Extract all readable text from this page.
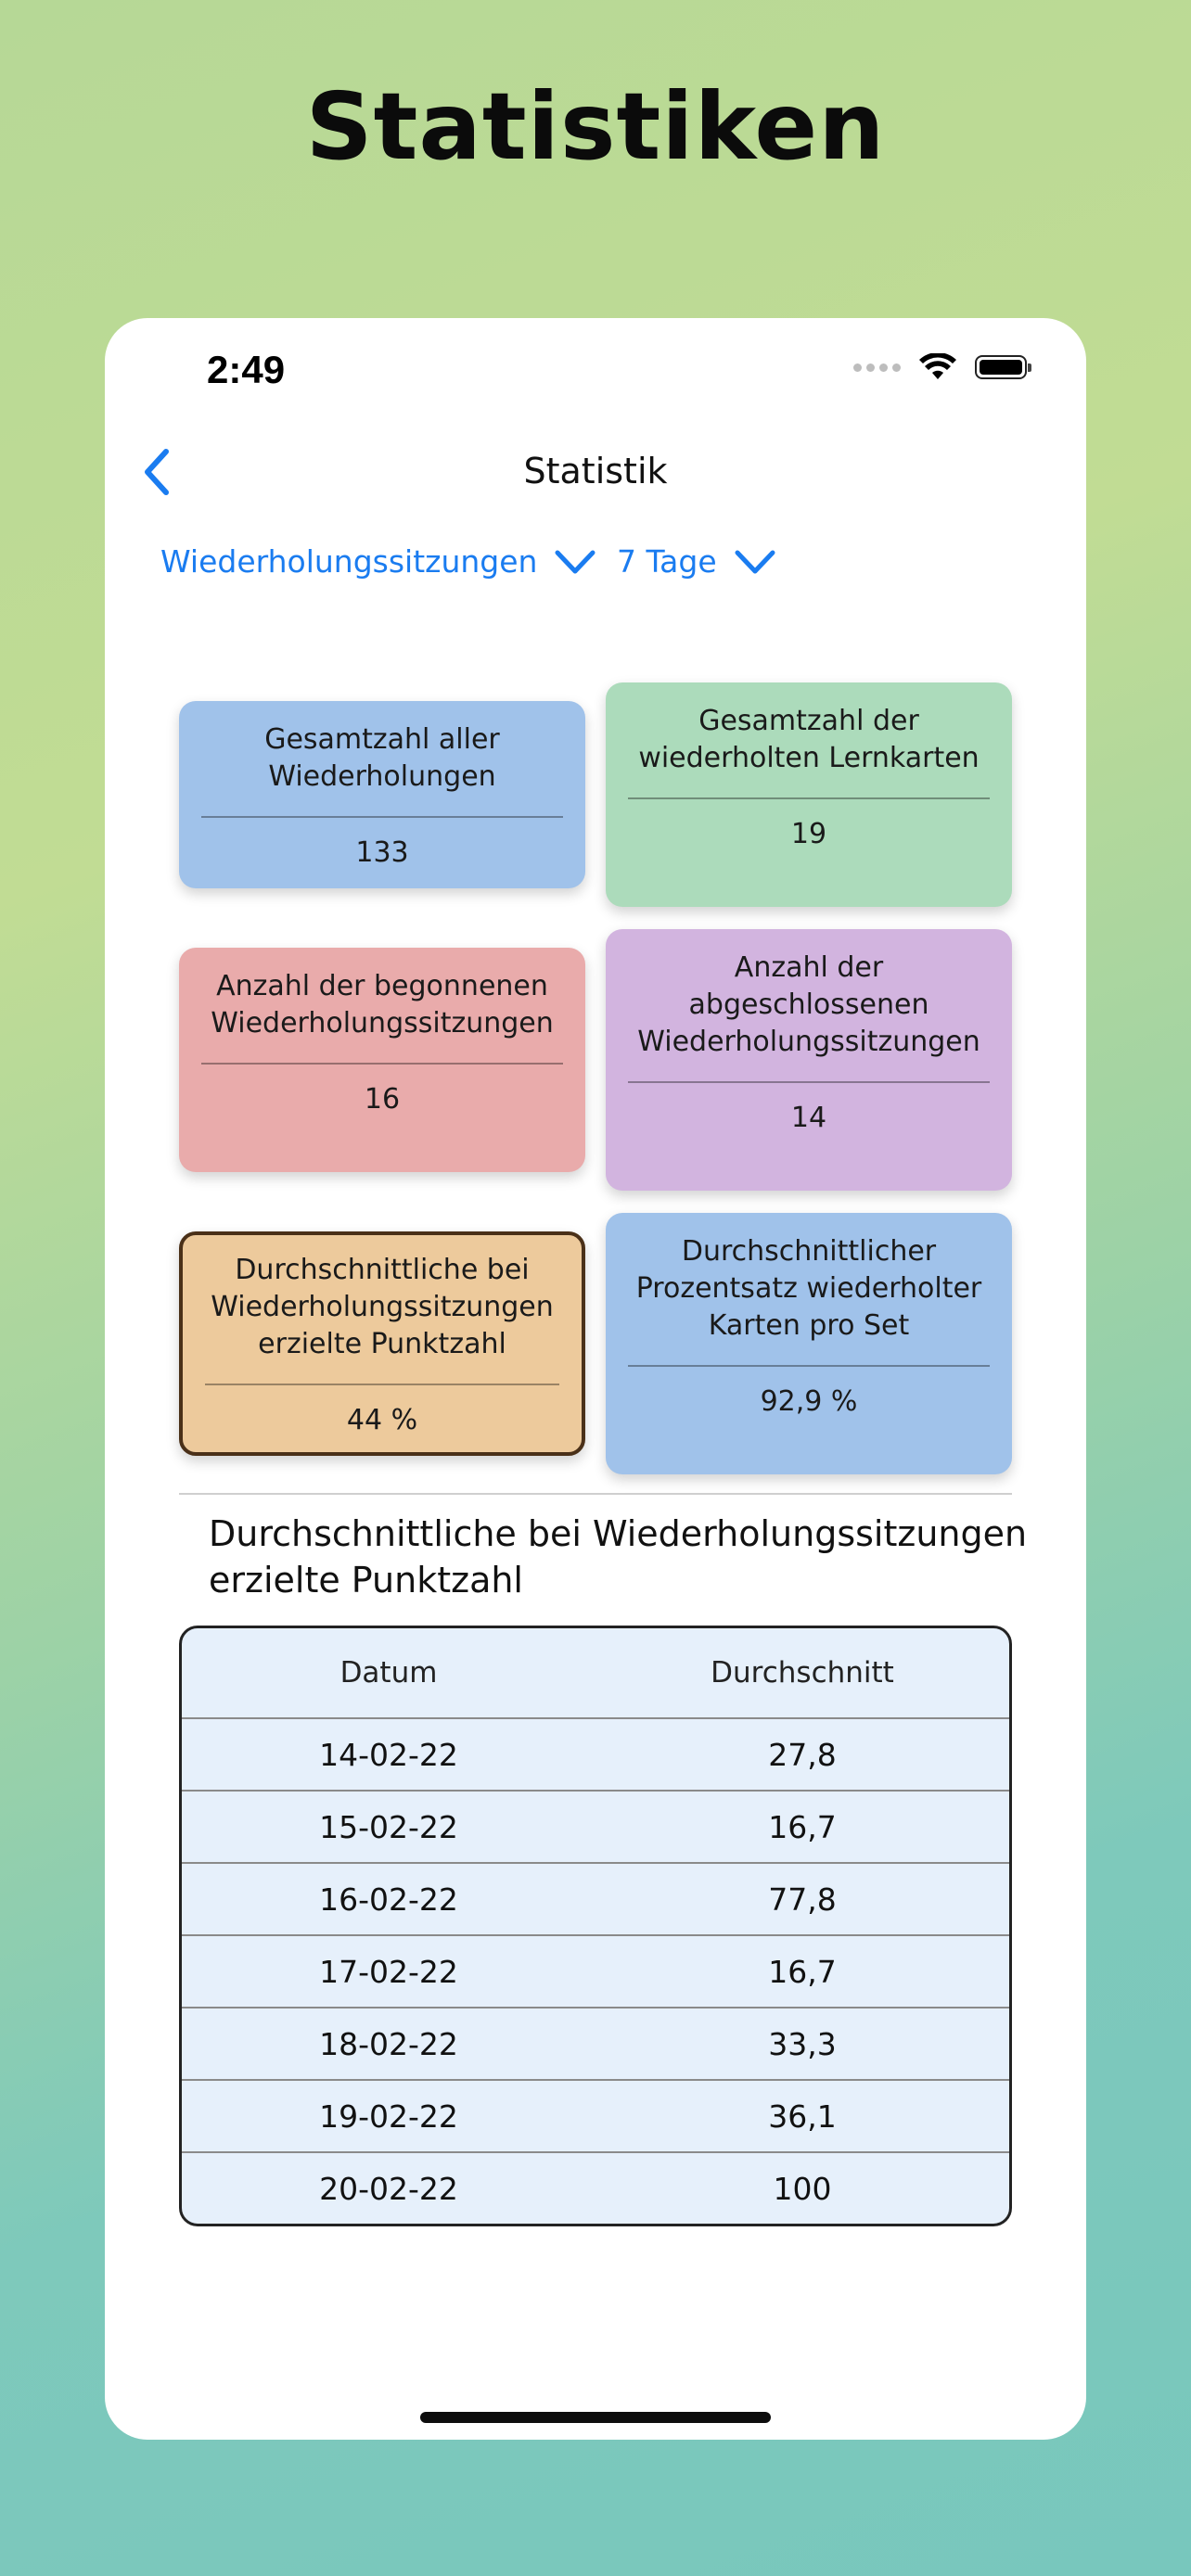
Statistiken
2:49
Statistik
Wiederholungssitzungen	7 Tage
Gesamtzahl aller Wiederholungen
133
Gesamtzahl der wiederholten Lernkarten
19
Anzahl der begonnenen Wiederholungssitzungen
16
Anzahl der abgeschlossenen Wiederholungssitzungen
14
Durchschnittliche bei Wiederholungssitzungen erzielte Punktzahl
44 %
Durchschnittlicher Prozentsatz wiederholter Karten pro Set
92,9 %
Durchschnittliche bei Wiederholungssitzungen erzielte Punktzahl
Datum	Durchschnitt
14-02-22	27,8
15-02-22	16,7
16-02-22	77,8
17-02-22	16,7
18-02-22	33,3
19-02-22	36,1
20-02-22	100
